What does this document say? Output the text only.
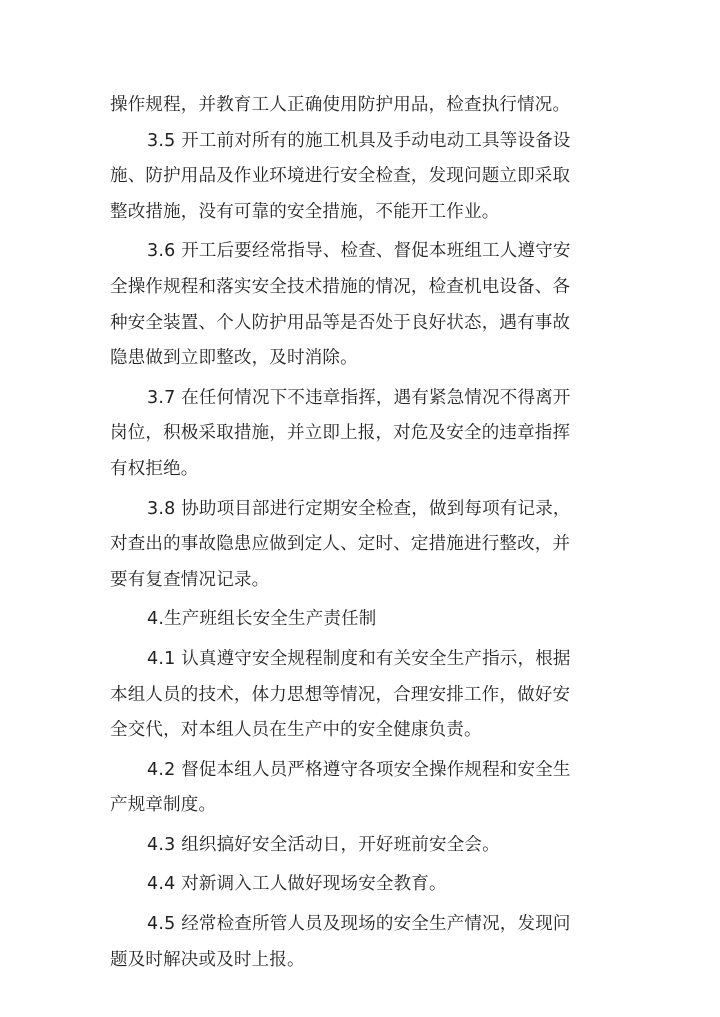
操作规程，并教育工人正确使用防护用品，检查执行情况。
3.5 开工前对所有的施工机具及手动电动工具等设备设
施、防护用品及作业环境进行安全检查，发现问题立即采取
整改措施，没有可靠的安全措施，不能开工作业。
3.6 开工后要经常指导、检查、督促本班组工人遵守安
全操作规程和落实安全技术措施的情况，检查机电设备、各
种安全装置、个人防护用品等是否处于良好状态，遇有事故
隐患做到立即整改，及时消除。
3.7 在任何情况下不违章指挥，遇有紧急情况不得离开
岗位，积极采取措施，并立即上报，对危及安全的违章指挥
有权拒绝。
3.8 协助项目部进行定期安全检查，做到每项有记录，
对查出的事故隐患应做到定人、定时、定措施进行整改，并
要有复查情况记录。
4.生产班组长安全生产责任制
4.1 认真遵守安全规程制度和有关安全生产指示，根据
本组人员的技术，体力思想等情况，合理安排工作，做好安
全交代，对本组人员在生产中的安全健康负责。
4.2 督促本组人员严格遵守各项安全操作规程和安全生
产规章制度。
4.3 组织搞好安全活动日，开好班前安全会。
4.4 对新调入工人做好现场安全教育。
4.5 经常检查所管人员及现场的安全生产情况，发现问
题及时解决或及时上报。
